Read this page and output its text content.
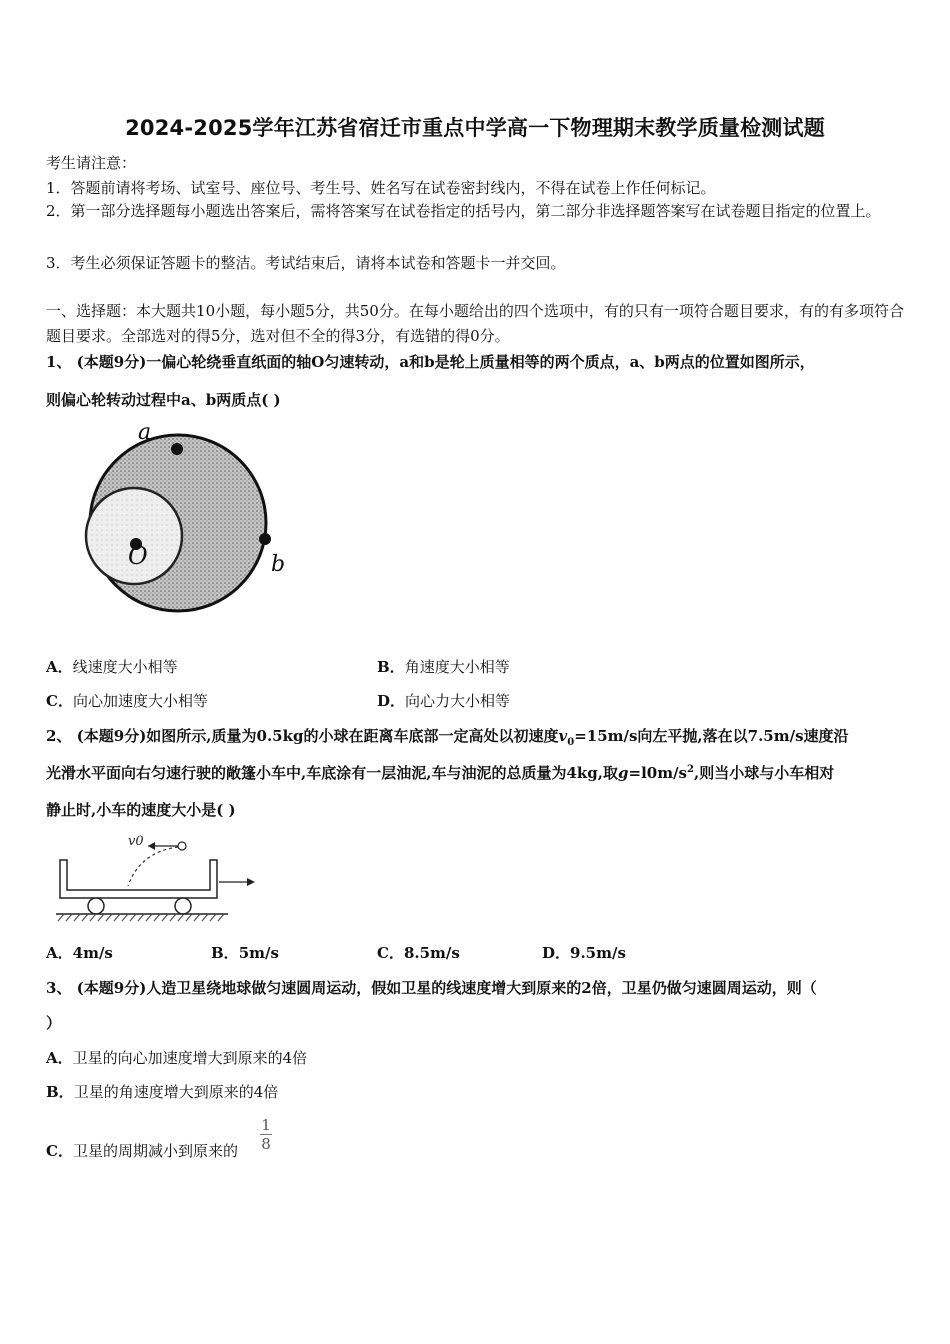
2024-2025学年江苏省宿迁市重点中学高一下物理期末教学质量检测试题
考生请注意：
1．答题前请将考场、试室号、座位号、考生号、姓名写在试卷密封线内，不得在试卷上作任何标记。
2．第一部分选择题每小题选出答案后，需将答案写在试卷指定的括号内，第二部分非选择题答案写在试卷题目指定的位置上。
3．考生必须保证答题卡的整洁。考试结束后，请将本试卷和答题卡一并交回。
一、选择题：本大题共10小题，每小题5分，共50分。在每小题给出的四个选项中，有的只有一项符合题目要求，有的有多项符合题目要求。全部选对的得5分，选对但不全的得3分，有选错的得0分。
1、 (本题9分)一偏心轮绕垂直纸面的轴O匀速转动，a和b是轮上质量相等的两个质点，a、b两点的位置如图所示，
则偏心轮转动过程中a、b两质点( )
a
b
O
A．线速度大小相等	B．角速度大小相等
C．向心加速度大小相等	D．向心力大小相等
2、 (本题9分)如图所示,质量为0.5kg的小球在距离车底部一定高处以初速度$v_0=15m/s$向左平抛,落在以7.5m/s速度沿
光滑水平面向右匀速行驶的敞篷小车中,车底涂有一层油泥,车与油泥的总质量为4kg,取$g=l0m/s^2$,则当小球与小车相对
静止时,小车的速度大小是( )
v0
A．4m/s	B．5m/s	C．8.5m/s	D．9.5m/s
3、 (本题9分)人造卫星绕地球做匀速圆周运动，假如卫星的线速度增大到原来的2倍，卫星仍做匀速圆周运动，则（
）
A．卫星的向心加速度增大到原来的4倍
B．卫星的角速度增大到原来的4倍
C．卫星的周期减小到原来的
1
8
